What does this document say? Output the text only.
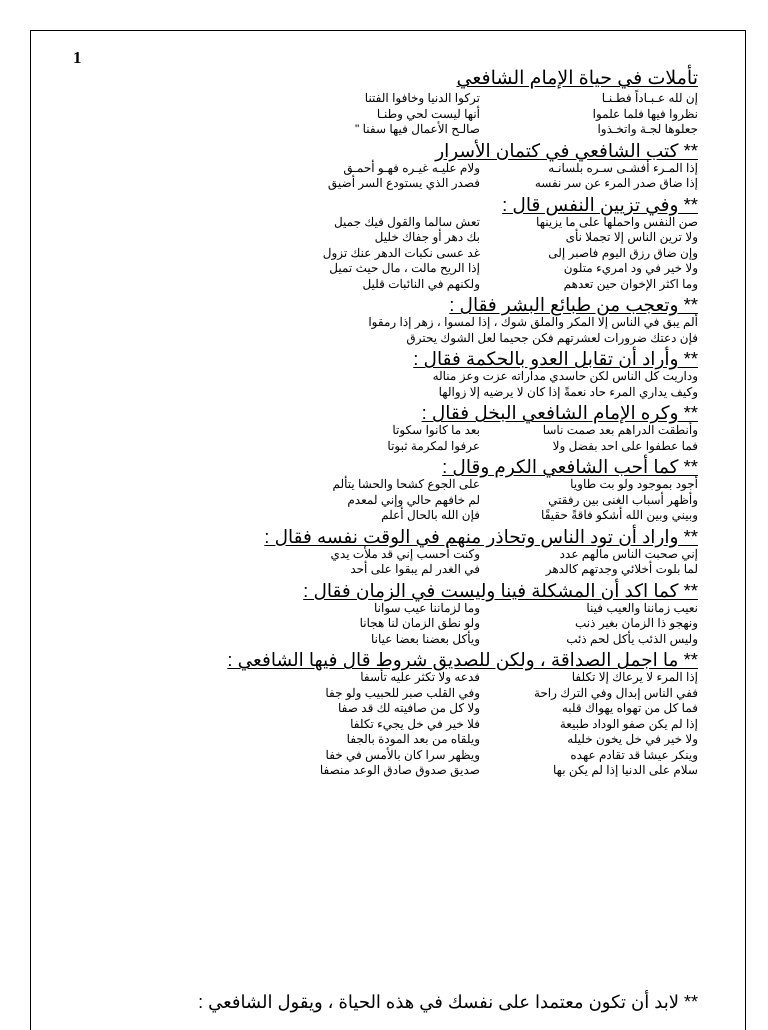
1
تأملات في حياة الإمام الشافعي
إن لله عـبـاداً فطـنـا
تركوا الدنيا وخافوا الفتنا
نظروا فيها فلما علموا
أنها ليست لحي وطنـا
جعلوها لجـة واتخـذوا
صالـح الأعمال فيها سفنا "
** كتب الشافعي في كتمان الأسرار
إذا المـرء أفشـى سـره بلسانـه
ولام عليـه غيـره فهـو أحمـق
إذا ضاق صدر المرء عن سر نفسه
فصدر الذي يستودع السر أضيق
** وفي تزيين النفس قال :
صن النفس واحملها على ما يزينها
تعش سالما والقول فيك جميل
ولا ترين الناس إلا تجملا نأى
بك دهر أو جفاك خليل
وإن ضاق رزق اليوم فاصبر إلى
غد عسى نكبات الدهر عنك تزول
ولا خير في ود امريء متلون
إذا الريح مالت ، مال حيث تميل
وما اكثر الإخوان حين تعدهم
ولكنهم في النائبات قليل
** وتعجب من طبائع البشر فقال :
ألم يبق في الناس إلا المكر والملق شوك ، إذا لمسوا ، زهر إذا رمقوا
فإن دعتك ضرورات لعشرتهم فكن جحيما لعل الشوك يحترق
** وأراد أن تقابل العدو بالحكمة فقال :
وداريت كل الناس لكن حاسدي مداراته عزت وعز مناله
وكيف يداري المرء حاد نعمةً إذا كان لا يرضيه إلا زوالها
** وكره الإمام الشافعي البخل فقال :
وأنطقت الدراهم بعد صمت ناسا
بعد ما كانوا سكوتا
فما عطفوا على احد بفضل ولا
عرفوا لمكرمة ثبوتا
** كما أحب الشافعي الكرم وقال :
أجود بموجود ولو بت طاويا
على الجوع كشحا والحشا يتألم
وأظهر أسباب الغنى بين رفقتي
لم خافهم حالي وإني لمعدم
وبيني وبين الله أشكو فاقةً حقيقًا
فإن الله بالحال أعلم
** واراد أن تود الناس وتحاذر منهم في الوقت نفسه فقال :
إني صحبت الناس مالهم عدد
وكنت أحسب إني قد ملأت يدي
لما بلوت أخلائي وجدتهم كالدهر
في الغدر لم يبقوا على أحد
** كما اكد أن المشكلة فينا وليست في الزمان فقال :
نعيب زماننا والعيب فينا
وما لزماننا عيب سوانا
ونهجو ذا الزمان بغير ذنب
ولو نطق الزمان لنا هجانا
وليس الذئب يأكل لحم ذئب
ويأكل بعضنا بعضا عيانا
** ما اجمل الصداقة ، ولكن للصديق شروط قال فيها الشافعي :
إذا المرء لا يرعاك إلا تكلفا
فدعه ولا تكثر عليه تأسفا
ففي الناس إبدال وفي الترك راحة
وفي القلب صبر للحبيب ولو جفا
فما كل من تهواه يهواك قلبه
ولا كل من صافيته لك قد صفا
إذا لم يكن صفو الوداد طبيعة
فلا خير في خل يجيء تكلفا
ولا خير في خل يخون خليله
ويلقاه من بعد المودة بالجفا
وينكر عيشا قد تقادم عهده
ويظهر سرا كان بالأمس في خفا
سلام على الدنيا إذا لم يكن بها
صديق صدوق صادق الوعد منصفا
** لابد أن تكون معتمدا على نفسك في هذه الحياة ، ويقول الشافعي :
